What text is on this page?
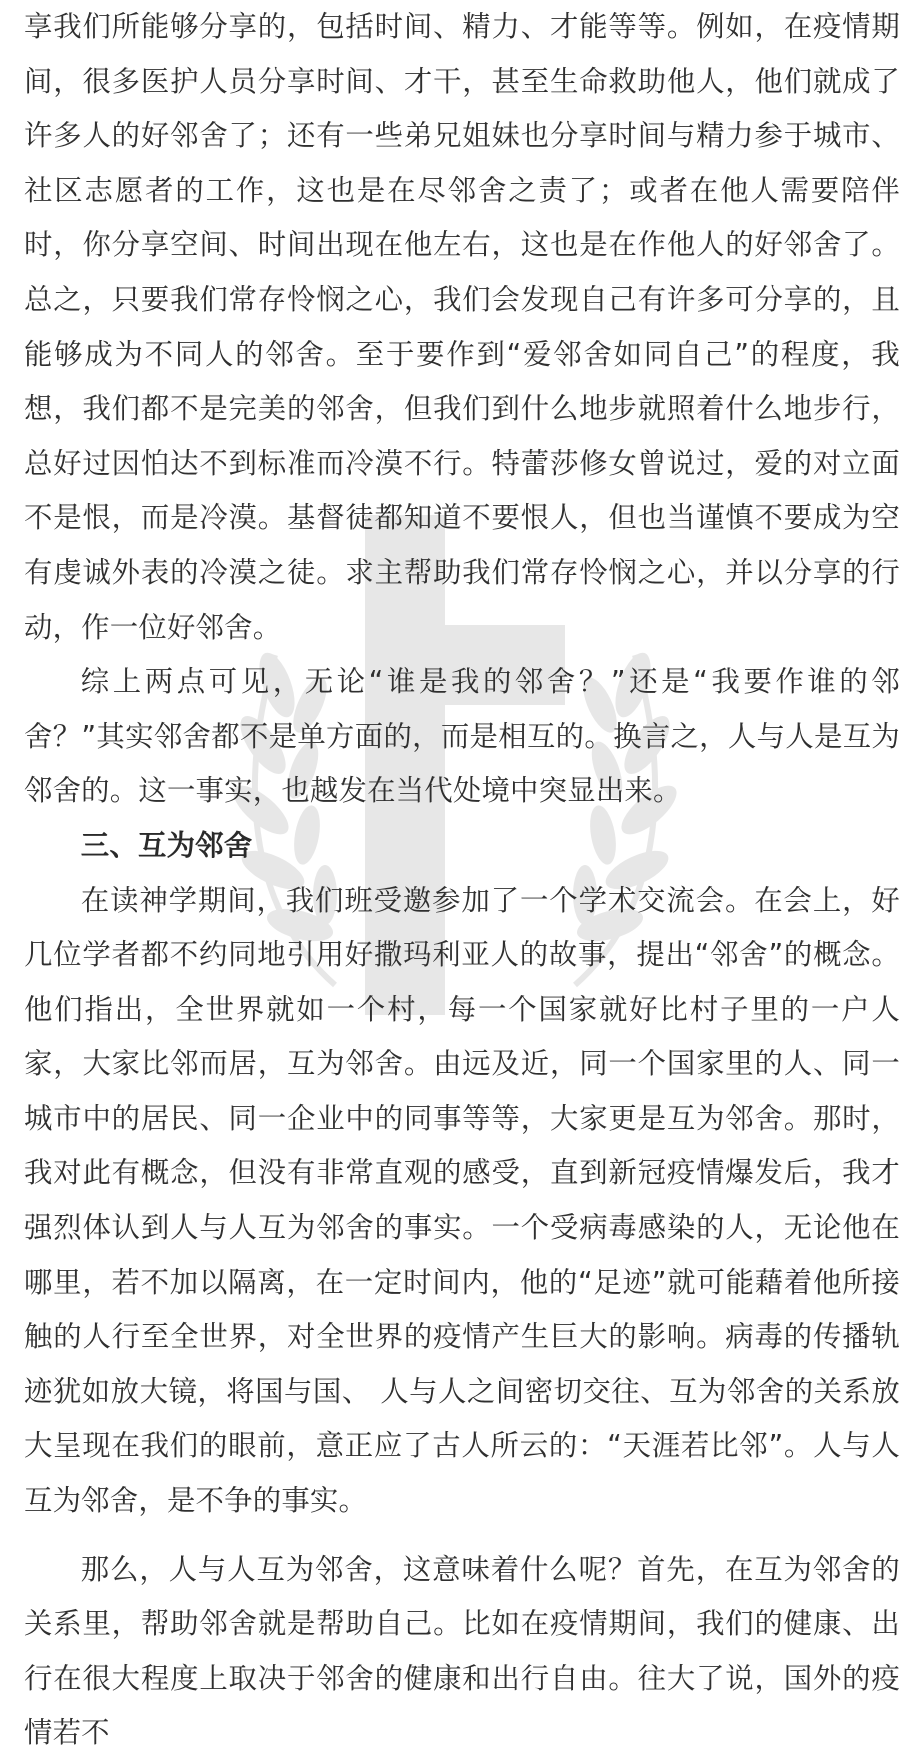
享我们所能够分享的，包括时间、精力、才能等等。例如，在疫情期间，很多医护人员分享时间、才干，甚至生命救助他人，他们就成了许多人的好邻舍了；还有一些弟兄姐妹也分享时间与精力参于城市、社区志愿者的工作，这也是在尽邻舍之责了；或者在他人需要陪伴时，你分享空间、时间出现在他左右，这也是在作他人的好邻舍了。总之，只要我们常存怜悯之心，我们会发现自己有许多可分享的，且能够成为不同人的邻舍。至于要作到“爱邻舍如同自己”的程度，我想，我们都不是完美的邻舍，但我们到什么地步就照着什么地步行，总好过因怕达不到标准而冷漠不行。特蕾莎修女曾说过，爱的对立面不是恨，而是冷漠。基督徒都知道不要恨人，但也当谨慎不要成为空有虔诚外表的冷漠之徒。求主帮助我们常存怜悯之心，并以分享的行动，作一位好邻舍。

综上两点可见，无论“谁是我的邻舍？”还是“我要作谁的邻舍？”其实邻舍都不是单方面的，而是相互的。换言之，人与人是互为邻舍的。这一事实，也越发在当代处境中突显出来。

三、互为邻舍

在读神学期间，我们班受邀参加了一个学术交流会。在会上，好几位学者都不约同地引用好撒玛利亚人的故事，提出“邻舍”的概念。他们指出，全世界就如一个村，每一个国家就好比村子里的一户人家，大家比邻而居，互为邻舍。由远及近，同一个国家里的人、同一城市中的居民、同一企业中的同事等等，大家更是互为邻舍。那时，我对此有概念，但没有非常直观的感受，直到新冠疫情爆发后，我才强烈体认到人与人互为邻舍的事实。一个受病毒感染的人，无论他在哪里，若不加以隔离，在一定时间内，他的“足迹”就可能藉着他所接触的人行至全世界，对全世界的疫情产生巨大的影响。病毒的传播轨迹犹如放大镜，将国与国、 人与人之间密切交往、互为邻舍的关系放大呈现在我们的眼前，意正应了古人所云的：“天涯若比邻”。人与人互为邻舍，是不争的事实。

那么，人与人互为邻舍，这意味着什么呢？首先，在互为邻舍的关系里，帮助邻舍就是帮助自己。比如在疫情期间，我们的健康、出行在很大程度上取决于邻舍的健康和出行自由。往大了说，国外的疫情若不
